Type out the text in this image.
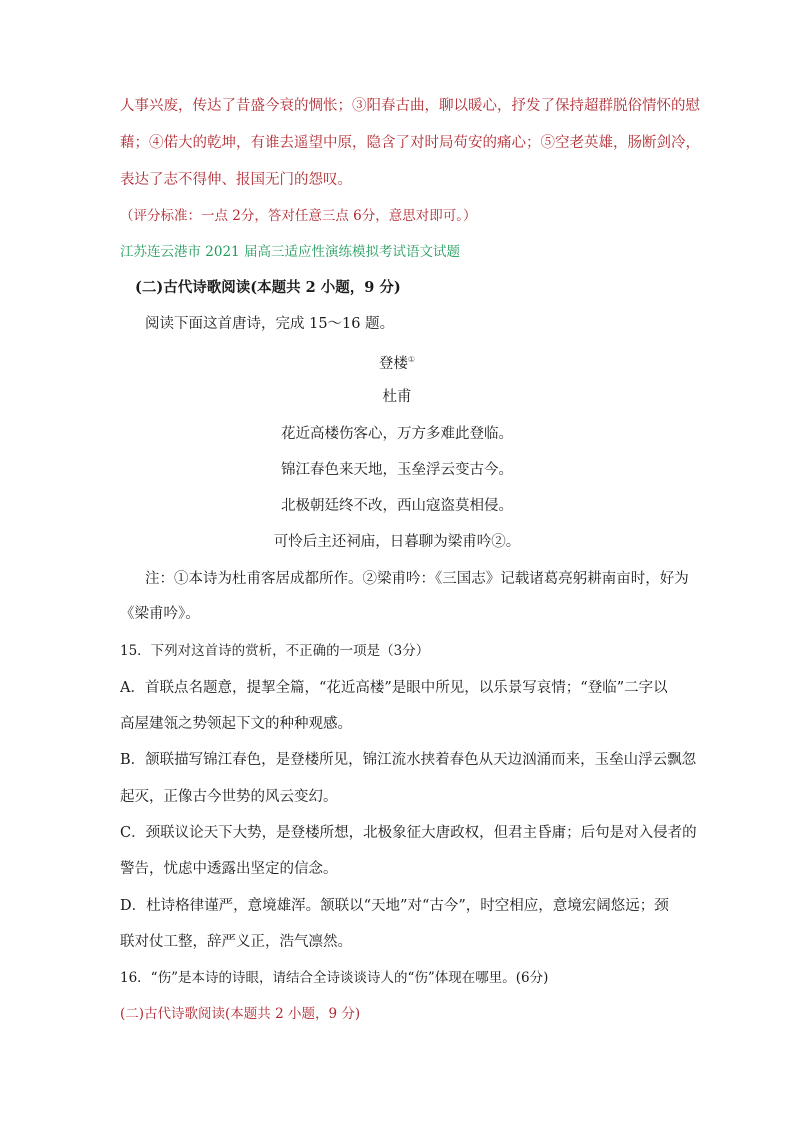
人事兴废，传达了昔盛今衰的惆怅；③阳春古曲，聊以暖心，抒发了保持超群脱俗情怀的慰
藉；④偌大的乾坤，有谁去遥望中原，隐含了对时局苟安的痛心；⑤空老英雄，肠断剑冷，
表达了志不得伸、报国无门的怨叹。
（评分标准：一点 2分，答对任意三点 6分，意思对即可。）
江苏连云港市 2021 届高三适应性演练模拟考试语文试题
(二)古代诗歌阅读(本题共 2 小题，9 分)
阅读下面这首唐诗，完成 15～16 题。
登楼①
杜甫
花近高楼伤客心，万方多难此登临。
锦江春色来天地，玉垒浮云变古今。
北极朝廷终不改，西山寇盗莫相侵。
可怜后主还祠庙，日暮聊为梁甫吟②。
注：①本诗为杜甫客居成都所作。②梁甫吟：《三国志》记载诸葛亮躬耕南亩时，好为
《梁甫吟》。
15．下列对这首诗的赏析，不正确的一项是（3分）
A．首联点名题意，提挈全篇，“花近高楼”是眼中所见，以乐景写哀情；“登临”二字以
高屋建瓴之势领起下文的种种观感。
B．颔联描写锦江春色，是登楼所见，锦江流水挟着春色从天边汹涌而来，玉垒山浮云飘忽
起灭，正像古今世势的风云变幻。
C．颈联议论天下大势，是登楼所想，北极象征大唐政权，但君主昏庸；后句是对入侵者的
警告，忧虑中透露出坚定的信念。
D．杜诗格律谨严，意境雄浑。颔联以“天地”对“古今”，时空相应，意境宏阔悠远；颈
联对仗工整，辞严义正，浩气凛然。
16．“伤”是本诗的诗眼，请结合全诗谈谈诗人的“伤”体现在哪里。(6分)
(二)古代诗歌阅读(本题共 2 小题，9 分)
